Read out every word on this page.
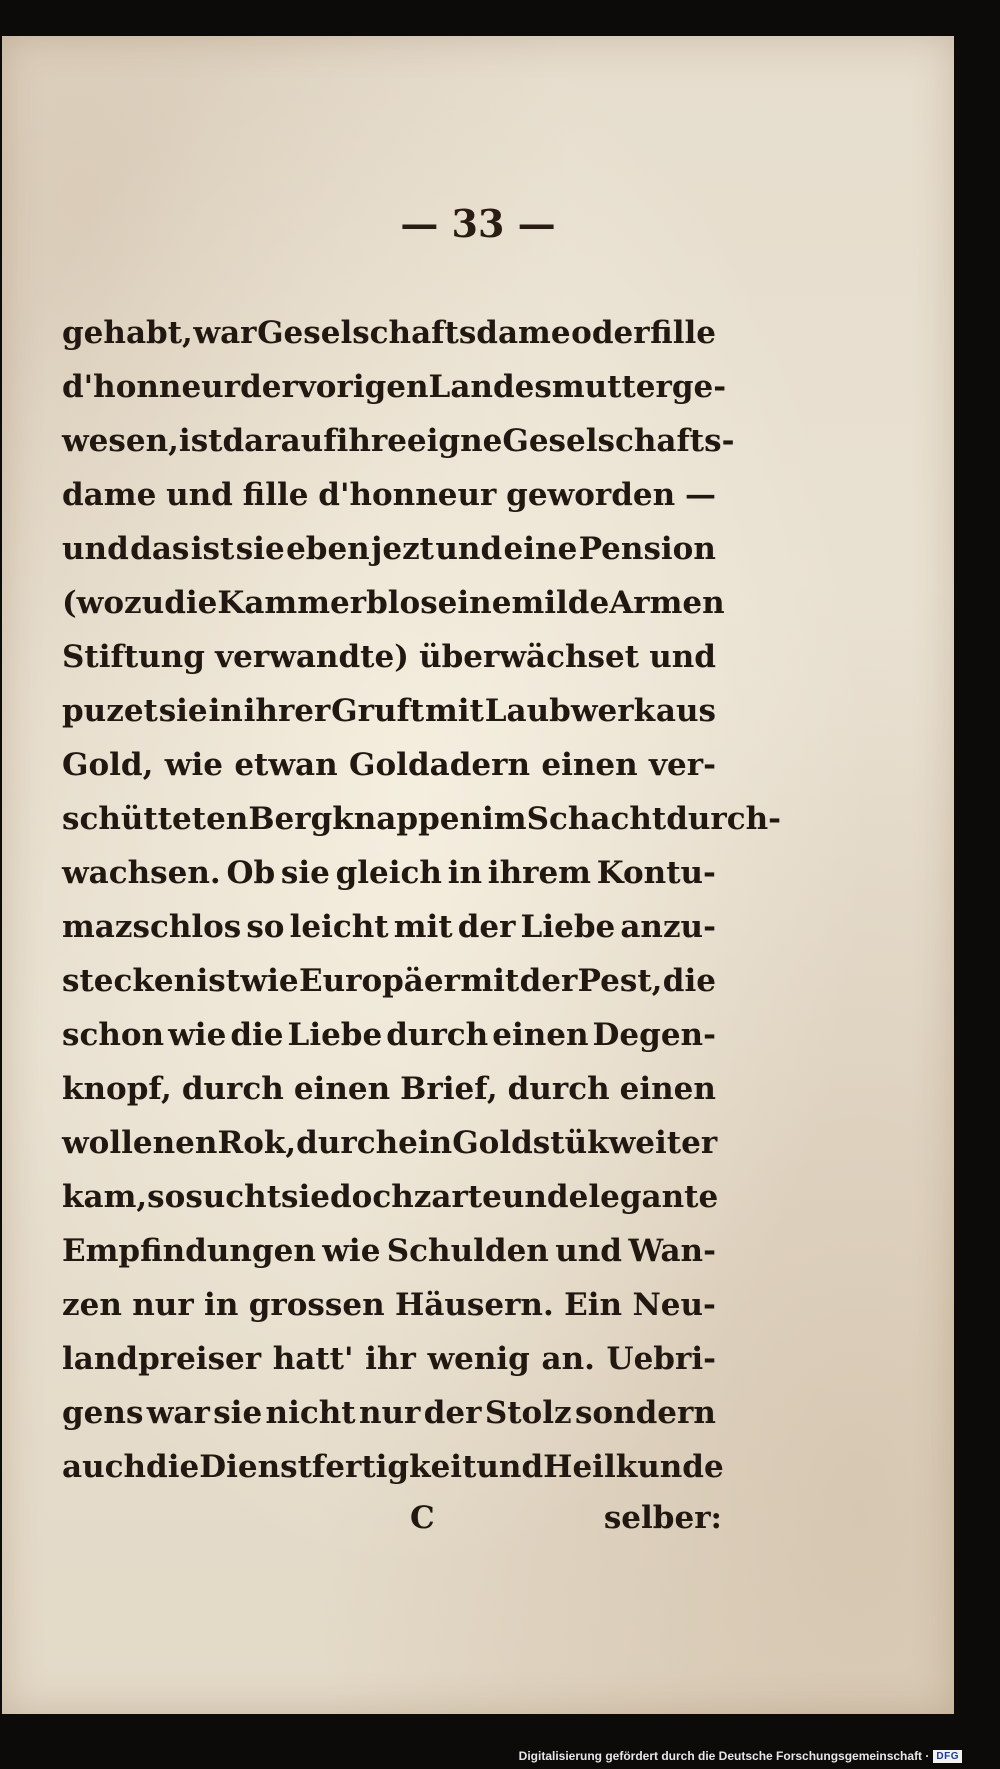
— 33 —
gehabt, war Geselschaftsdame oder fille
d'honneur der vorigen Landesmutter ge-
wesen, ist darauf ihre eigne Geselschafts-
dame und fille d'honneur geworden —
und das ist sie eben jezt und eine Pension
(wozu die Kammer blos eine milde Armen
Stiftung verwandte) überwächset und
puzet sie in ihrer Gruft mit Laubwerk aus
Gold, wie etwan Goldadern einen ver-
schütteten Bergknappen im Schacht durch-
wachsen. Ob sie gleich in ihrem Kontu-
mazschlos so leicht mit der Liebe anzu-
stecken ist wie Europäer mit der Pest, die
schon wie die Liebe durch einen Degen-
knopf, durch einen Brief, durch einen
wollenen Rok, durch ein Goldstük weiter
kam, so sucht sie doch zarte und elegante
Empfindungen wie Schulden und Wan-
zen nur in grossen Häusern. Ein Neu-
landpreiser hatt' ihr wenig an. Uebri-
gens war sie nicht nur der Stolz sondern
auch die Dienstfertigkeit und Heilkunde
C	selber:
Digitalisierung gefördert durch die Deutsche Forschungsgemeinschaft · DFG
